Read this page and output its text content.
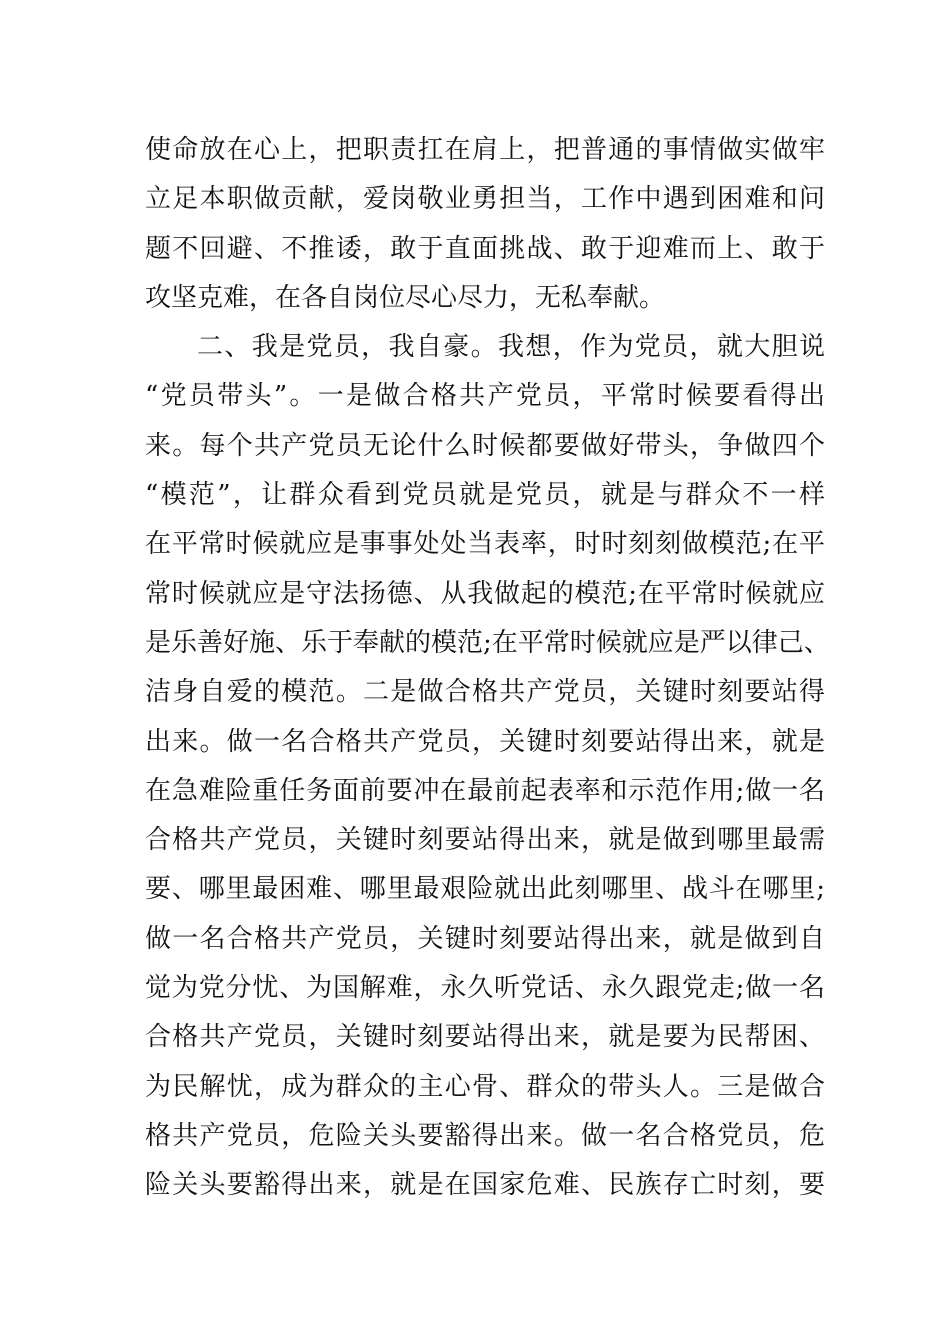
使命放在心上，把职责扛在肩上，把普通的事情做实做牢
立足本职做贡献，爱岗敬业勇担当，工作中遇到困难和问
题不回避、不推诿，敢于直面挑战、敢于迎难而上、敢于
攻坚克难，在各自岗位尽心尽力，无私奉献。
二、我是党员，我自豪。我想，作为党员，就大胆说
“党员带头”。一是做合格共产党员，平常时候要看得出
来。每个共产党员无论什么时候都要做好带头，争做四个
“模范”，让群众看到党员就是党员，就是与群众不一样
在平常时候就应是事事处处当表率，时时刻刻做模范;在平
常时候就应是守法扬德、从我做起的模范;在平常时候就应
是乐善好施、乐于奉献的模范;在平常时候就应是严以律己、
洁身自爱的模范。二是做合格共产党员，关键时刻要站得
出来。做一名合格共产党员，关键时刻要站得出来，就是
在急难险重任务面前要冲在最前起表率和示范作用;做一名
合格共产党员，关键时刻要站得出来，就是做到哪里最需
要、哪里最困难、哪里最艰险就出此刻哪里、战斗在哪里;
做一名合格共产党员，关键时刻要站得出来，就是做到自
觉为党分忧、为国解难，永久听党话、永久跟党走;做一名
合格共产党员，关键时刻要站得出来，就是要为民帮困、
为民解忧，成为群众的主心骨、群众的带头人。三是做合
格共产党员，危险关头要豁得出来。做一名合格党员，危
险关头要豁得出来，就是在国家危难、民族存亡时刻，要
